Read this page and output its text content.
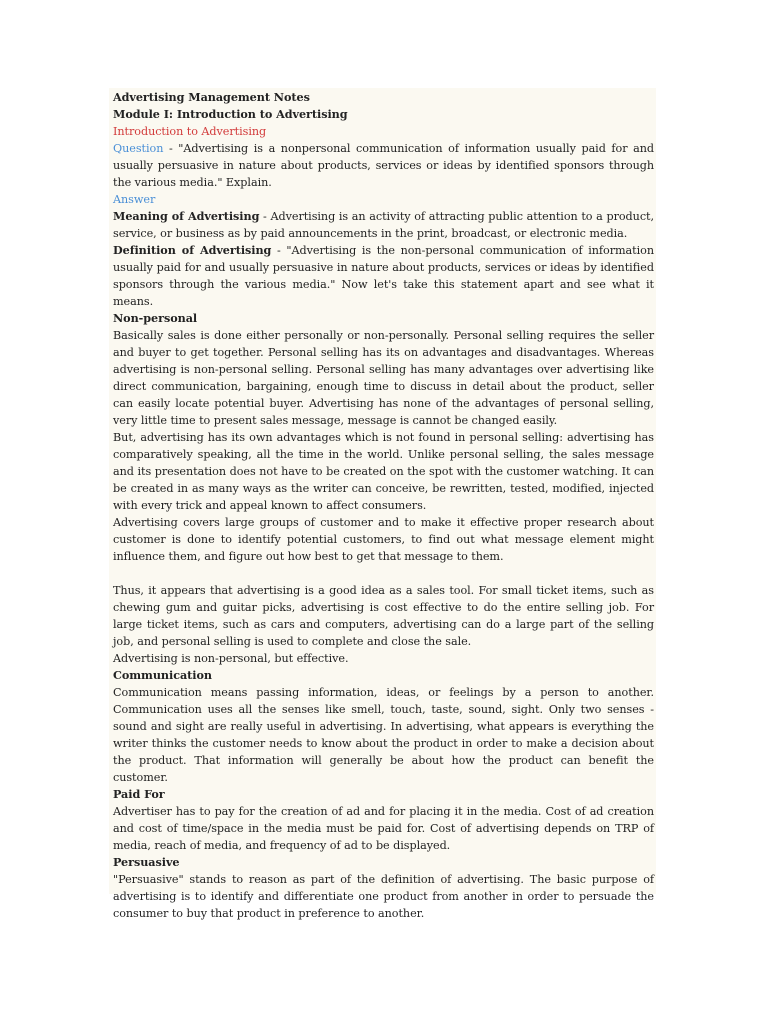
Advertising Management Notes

Module I: Introduction to Advertising

Introduction to Advertising

Question - "Advertising is a nonpersonal communication of information usually paid for and usually persuasive in nature about products, services or ideas by identified sponsors through the various media." Explain.

Answer

Meaning of Advertising - Advertising is an activity of attracting public attention to a product, service, or business as by paid announcements in the print, broadcast, or electronic media.

Definition of Advertising - "Advertising is the non-personal communication of information usually paid for and usually persuasive in nature about products, services or ideas by identified sponsors through the various media." Now let's take this statement apart and see what it means.

Non-personal

Basically sales is done either personally or non-personally. Personal selling requires the seller and buyer to get together. Personal selling has its on advantages and disadvantages. Whereas advertising is non-personal selling. Personal selling has many advantages over advertising like direct communication, bargaining, enough time to discuss in detail about the product, seller can easily locate potential buyer. Advertising has none of the advantages of personal selling, very little time to present sales message, message is cannot be changed easily.

But, advertising has its own advantages which is not found in personal selling: advertising has comparatively speaking, all the time in the world. Unlike personal selling, the sales message and its presentation does not have to be created on the spot with the customer watching. It can be created in as many ways as the writer can conceive, be rewritten, tested, modified, injected with every trick and appeal known to affect consumers.

Advertising covers large groups of customer and to make it effective proper research about customer is done to identify potential customers, to find out what message element might influence them, and figure out how best to get that message to them.

Thus, it appears that advertising is a good idea as a sales tool. For small ticket items, such as chewing gum and guitar picks, advertising is cost effective to do the entire selling job. For large ticket items, such as cars and computers, advertising can do a large part of the selling job, and personal selling is used to complete and close the sale.

Advertising is non-personal, but effective.

Communication

Communication means passing information, ideas, or feelings by a person to another. Communication uses all the senses like smell, touch, taste, sound, sight. Only two senses - sound and sight are really useful in advertising. In advertising, what appears is everything the writer thinks the customer needs to know about the product in order to make a decision about the product. That information will generally be about how the product can benefit the customer.

Paid For

Advertiser has to pay for the creation of ad and for placing it in the media. Cost of ad creation and cost of time/space in the media must be paid for. Cost of advertising depends on TRP of media, reach of media, and frequency of ad to be displayed.

Persuasive

"Persuasive" stands to reason as part of the definition of advertising. The basic purpose of advertising is to identify and differentiate one product from another in order to persuade the consumer to buy that product in preference to another.
